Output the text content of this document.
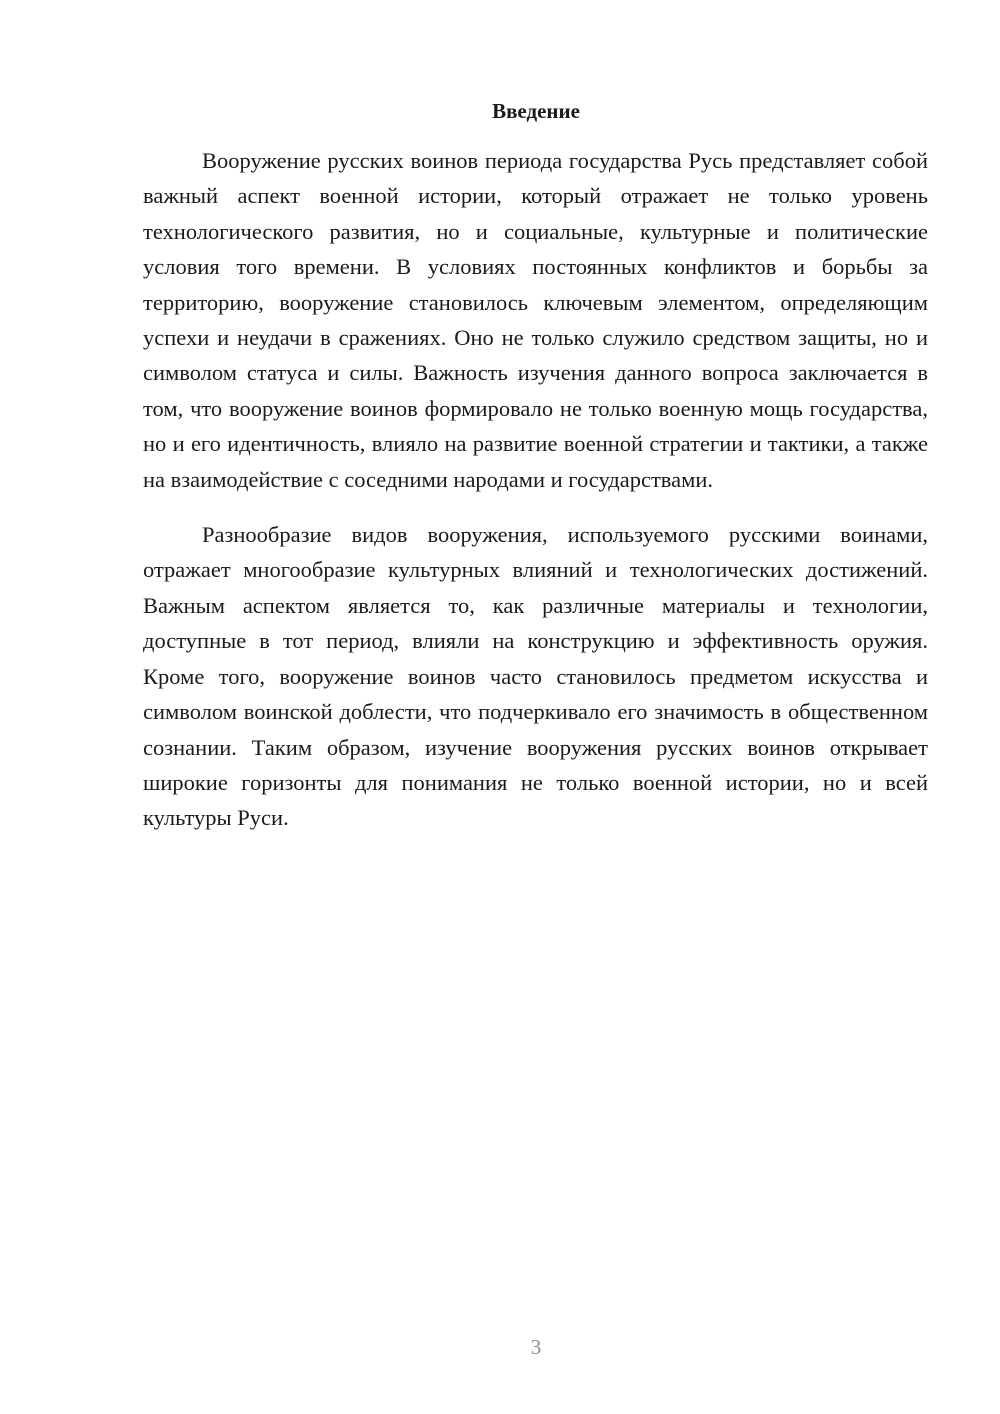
Введение

Вооружение русских воинов периода государства Русь представляет собой важный аспект военной истории, который отражает не только уровень технологического развития, но и социальные, культурные и политические условия того времени. В условиях постоянных конфликтов и борьбы за территорию, вооружение становилось ключевым элементом, определяющим успехи и неудачи в сражениях. Оно не только служило средством защиты, но и символом статуса и силы. Важность изучения данного вопроса заключается в том, что вооружение воинов формировало не только военную мощь государства, но и его идентичность, влияло на развитие военной стратегии и тактики, а также на взаимодействие с соседними народами и государствами.

Разнообразие видов вооружения, используемого русскими воинами, отражает многообразие культурных влияний и технологических достижений. Важным аспектом является то, как различные материалы и технологии, доступные в тот период, влияли на конструкцию и эффективность оружия. Кроме того, вооружение воинов часто становилось предметом искусства и символом воинской доблести, что подчеркивало его значимость в общественном сознании. Таким образом, изучение вооружения русских воинов открывает широкие горизонты для понимания не только военной истории, но и всей культуры Руси.

3
